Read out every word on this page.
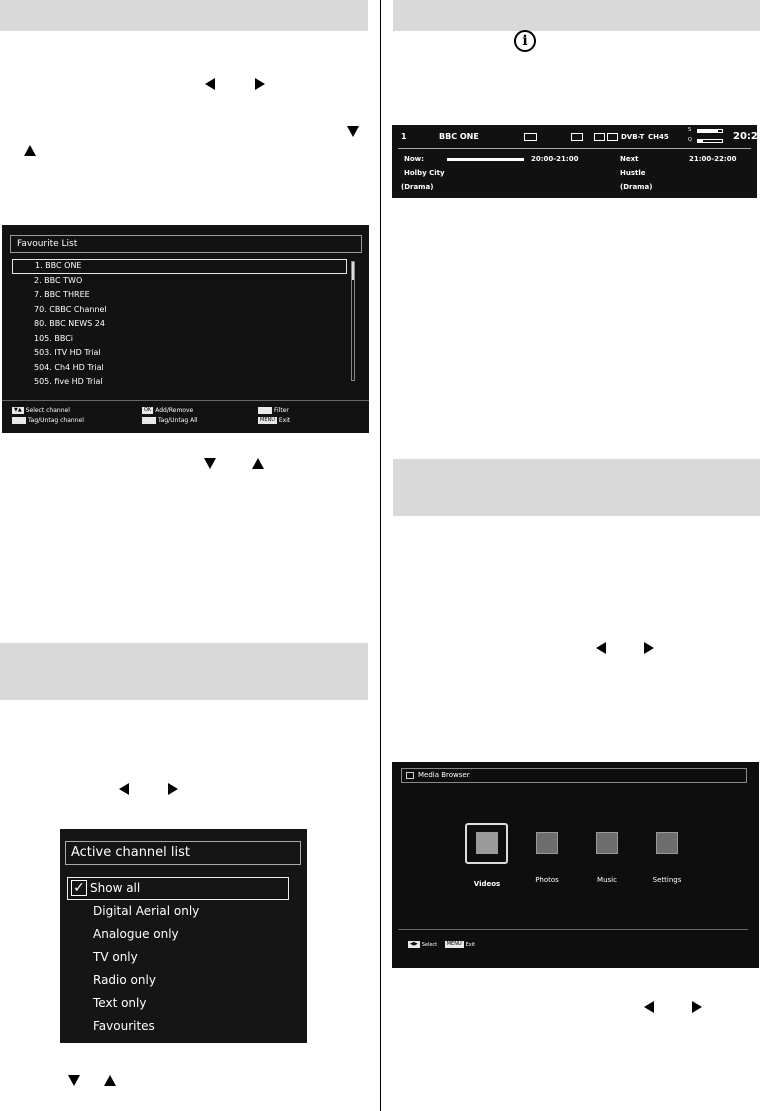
Favourite List
1. BBC ONE
2. BBC TWO
7. BBC THREE
70. CBBC Channel
80. BBC NEWS 24
105. BBCi
503. ITV HD Trial
504. Ch4 HD Trial
505. five HD Trial
▼▲ Select channel	OK Add/Remove	Filter
Tag/Untag channel	Tag/Untag All	MENU Exit
i
1	BBC ONE	DVB-T CH45
S
Q	20:20
Now:	20:00-21:00	Next	21:00-22:00
Holby City	Hustle
(Drama)	(Drama)
Media Browser
Videos	Photos	Music	Settings
◀▶ Select MENU Exit
Active channel list
✓ Show all
Digital Aerial only
Analogue only
TV only
Radio only
Text only
Favourites
